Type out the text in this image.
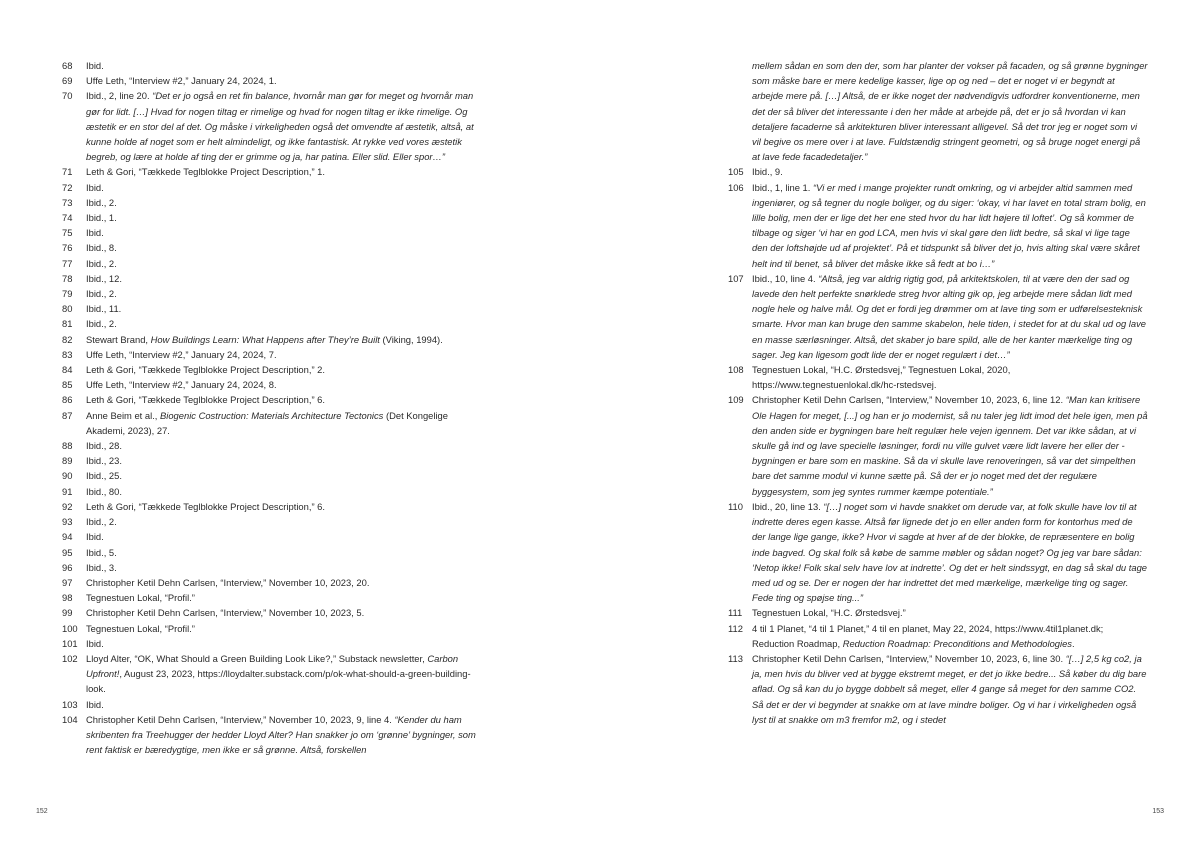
68	Ibid.
69	Uffe Leth, “Interview #2,” January 24, 2024, 1.
70	Ibid., 2, line 20. “Det er jo også en ret fin balance, hvornår man gør for meget og hvornår man gør for lidt. […] Hvad for nogen tiltag er rimelige og hvad for nogen tiltag er ikke rimelige. Og æstetik er en stor del af det. Og måske i virkeligheden også det omvendte af æstetik, altså, at kunne holde af noget som er helt almindeligt, og ikke fantastisk. At rykke ved vores æstetik begreb, og lære at holde af ting der er grimme og ja, har patina. Eller slid. Eller spor…”
71	Leth & Gori, “Tækkede Teglblokke Project Description,” 1.
72	Ibid.
73	Ibid., 2.
74	Ibid., 1.
75	Ibid.
76	Ibid., 8.
77	Ibid., 2.
78	Ibid., 12.
79	Ibid., 2.
80	Ibid., 11.
81	Ibid., 2.
82	Stewart Brand, How Buildings Learn: What Happens after They’re Built (Viking, 1994).
83	Uffe Leth, “Interview #2,” January 24, 2024, 7.
84	Leth & Gori, “Tækkede Teglblokke Project Description,” 2.
85	Uffe Leth, “Interview #2,” January 24, 2024, 8.
86	Leth & Gori, “Tækkede Teglblokke Project Description,” 6.
87	Anne Beim et al., Biogenic Costruction: Materials Architecture Tectonics (Det Kongelige Akademi, 2023), 27.
88	Ibid., 28.
89	Ibid., 23.
90	Ibid., 25.
91	Ibid., 80.
92	Leth & Gori, “Tækkede Teglblokke Project Description,” 6.
93	Ibid., 2.
94	Ibid.
95	Ibid., 5.
96	Ibid., 3.
97	Christopher Ketil Dehn Carlsen, “Interview,” November 10, 2023, 20.
98	Tegnestuen Lokal, “Profil.”
99	Christopher Ketil Dehn Carlsen, “Interview,” November 10, 2023, 5.
100 Tegnestuen Lokal, “Profil.”
101 Ibid.
102 Lloyd Alter, “OK, What Should a Green Building Look Like?,” Substack newsletter, Carbon Upfront!, August 23, 2023, https://lloydalter.substack.com/p/ok-what-should-a-green-building-look.
103 Ibid.
104 Christopher Ketil Dehn Carlsen, “Interview,” November 10, 2023, 9, line 4. “Kender du ham skribenten fra Treehugger der hedder Lloyd Alter? Han snakker jo om ‘grønne’ bygninger, som rent faktisk er bæredygtige, men ikke er så grønne. Altså, forskellen
mellem sådan en som den der, som har planter der vokser på facaden, og så grønne bygninger som måske bare er mere kedelige kasser, lige op og ned – det er noget vi er begyndt at arbejde mere på. […] Altså, de er ikke noget der nødvendigvis udfordrer konventionerne, men det der så bliver det interessante i den her måde at arbejde på, det er jo så hvordan vi kan detaljere facaderne så arkitekturen bliver interessant alligevel. Så det tror jeg er noget som vi vil begive os mere over i at lave. Fuldstændig stringent geometri, og så bruge noget energi på at lave fede facadedetaljer.”
105 Ibid., 9.
106 Ibid., 1, line 1. “Vi er med i mange projekter rundt omkring, og vi arbejder altid sammen med ingeniører, og så tegner du nogle boliger, og du siger: ‘okay, vi har lavet en total stram bolig, en lille bolig, men der er lige det her ene sted hvor du har lidt højere til loftet’. Og så kommer de tilbage og siger ‘vi har en god LCA, men hvis vi skal gøre den lidt bedre, så skal vi lige tage den der loftshøjde ud af projektet’. På et tidspunkt så bliver det jo, hvis alting skal være skåret helt ind til benet, så bliver det måske ikke så fedt at bo i…”
107 Ibid., 10, line 4. “Altså, jeg var aldrig rigtig god, på arkitektskolen, til at være den der sad og lavede den helt perfekte snørklede streg hvor alting gik op, jeg arbejde mere sådan lidt med nogle hele og halve mål. Og det er fordi jeg drømmer om at lave ting som er udførelsesteknisk smarte. Hvor man kan bruge den samme skabelon, hele tiden, i stedet for at du skal ud og lave en masse særløsninger. Altså, det skaber jo bare spild, alle de her kanter mærkelige ting og sager. Jeg kan ligesom godt lide der er noget regulært i det…”
108 Tegnestuen Lokal, “H.C. Ørstedsvej,” Tegnestuen Lokal, 2020, https://www.tegnestuenlokal.dk/hc-rstedsvej.
109 Christopher Ketil Dehn Carlsen, “Interview,” November 10, 2023, 6, line 12. “Man kan kritisere Ole Hagen for meget, [...] og han er jo modernist, så nu taler jeg lidt imod det hele igen, men på den anden side er bygningen bare helt regulær hele vejen igennem. Det var ikke sådan, at vi skulle gå ind og lave specielle løsninger, fordi nu ville gulvet være lidt lavere her eller der - bygningen er bare som en maskine. Så da vi skulle lave renoveringen, så var det simpelthen bare det samme modul vi kunne sætte på. Så der er jo noget med det der regulære byggesystem, som jeg syntes rummer kæmpe potentiale.”
110 Ibid., 20, line 13. “[…] noget som vi havde snakket om derude var, at folk skulle have lov til at indrette deres egen kasse. Altså før lignede det jo en eller anden form for kontorhus med de der lange lige gange, ikke? Hvor vi sagde at hver af de der blokke, de repræsentere en bolig inde bagved. Og skal folk så købe de samme møbler og sådan noget? Og jeg var bare sådan: ‘Netop ikke! Folk skal selv have lov at indrette’. Og det er helt sindssygt, en dag så skal du tage med ud og se. Der er nogen der har indrettet det med mærkelige, mærkelige ting og sager. Fede ting og spøjse ting...”
111	Tegnestuen Lokal, “H.C. Ørstedsvej.”
112 4 til 1 Planet, “4 til 1 Planet,” 4 til en planet, May 22, 2024, https://www.4til1planet.dk; Reduction Roadmap, Reduction Roadmap: Preconditions and Methodologies.
113 Christopher Ketil Dehn Carlsen, “Interview,” November 10, 2023, 6, line 30. “[…] 2,5 kg co2, ja ja, men hvis du bliver ved at bygge ekstremt meget, er det jo ikke bedre... Så køber du dig bare aflad. Og så kan du jo bygge dobbelt så meget, eller 4 gange så meget for den samme CO2. Så det er der vi begynder at snakke om at lave mindre boliger. Og vi har i virkeligheden også lyst til at snakke om m3 fremfor m2, og i stedet
152	153
